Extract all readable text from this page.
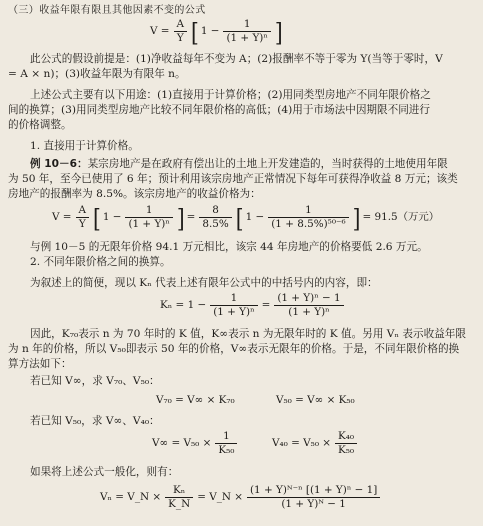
（三）收益年限有限且其他因素不变的公式
$V = \frac{A}{Y}$ [ $1 - \frac{1}{\text{(1 + Y)ⁿ}}$ ]
此公式的假设前提是：(1)净收益每年不变为 A；(2)报酬率不等于零为 Y(当等于零时，V
= A × n)；(3)收益年限为有限年 n。
上述公式主要有以下用途：(1)直接用于计算价格；(2)用同类型房地产不同年限价格之
间的换算；(3)用同类型房地产比较不同年限价格的高低；(4)用于市场法中因期限不同进行
的价格调整。
1. 直接用于计算价格。
例 10－6：某宗房地产是在政府有偿出让的土地上开发建造的，当时获得的土地使用年限
为 50 年，至今已使用了 6 年；预计利用该宗房地产正常情况下每年可获得净收益 8 万元；该类
房地产的报酬率为 8.5%。该宗房地产的收益价格为：
$V = \frac{A}{Y}$ [ $1 - \frac{1}{\text{(1 + Y)ⁿ}}$ ] = $\frac{8}{8.5\%}$ [ $1 - \frac{1}{\text{(1 + 8.5\%)⁵⁰⁻⁶}}$ ] = 91.5（万元）
与例 10－5 的无限年价格 94.1 万元相比，该宗 44 年房地产的价格要低 2.6 万元。
2. 不同年限价格之间的换算。
为叙述上的简便，现以 Kₙ 代表上述有限年公式中的中括号内的内容，即：
$K_n = 1 - \frac{1}{\text{(1 + Y)ⁿ}} = \frac{\text{(1 + Y)ⁿ − 1}}{\text{(1 + Y)ⁿ}}$
因此，K₇₀表示 n 为 70 年时的 K 值，K∞表示 n 为无限年时的 K 值。另用 Vₙ 表示收益年限
为 n 年的价格，所以 V₅₀即表示 50 年的价格，V∞表示无限年的价格。于是，不同年限价格的换
算方法如下：
若已知 V∞，求 V₇₀、V₅₀：
V₇₀ = V∞ × K₇₀	V₅₀ = V∞ × K₅₀
若已知 V₅₀，求 V∞、V₄₀：
$V\infty = V_{50} \times \frac{1}{\text{K₅₀}}$	$V_{40} = V_{50} \times \frac{\text{K₄₀}}{\text{K₅₀}}$
如果将上述公式一般化，则有：
Vₙ = V_N × $\frac{\text{Kₙ}}{K\_N}$ = V_N × $\frac{\text{(1 + Y)ᴺ⁻ⁿ [(1 + Y)ⁿ − 1]}}{\text{(1 + Y)ᴺ − 1}}$
